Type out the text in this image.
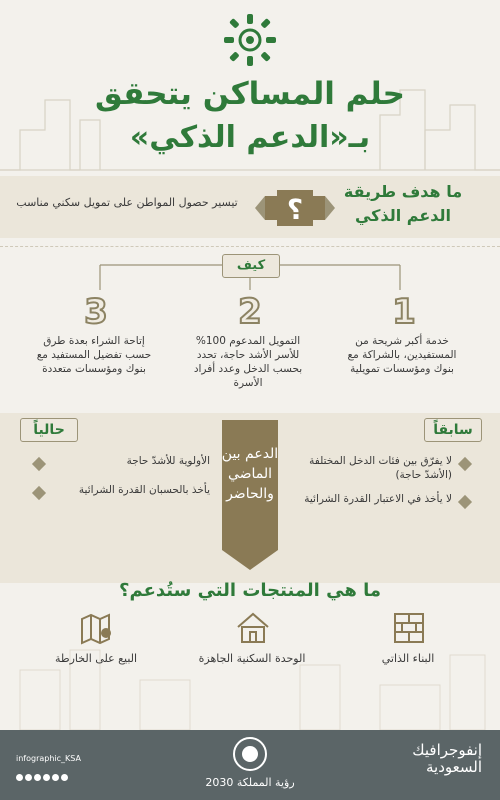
حلم المساكن يتحقق
بـ«الدعم الذكي»
ما هدف طريقة الدعم الذكي
؟
تيسير حصول المواطن على تمويل سكني مناسب
كيف
1
2
3
خدمة أكبر شريحة من المستفيدين، بالشراكة مع بنوك ومؤسسات تمويلية
التمويل المدعوم 100% للأسر الأشد حاجة، تحدد بحسب الدخل وعدد أفراد الأسرة
إتاحة الشراء بعدة طرق حسب تفضيل المستفيد مع بنوك ومؤسسات متعددة
الدعم بين الماضي والحاضر
سابقاً
حالياً
لا يفرّق بين فئات الدخل المختلفة (الأشدّ حاجة)
لا يأخذ في الاعتبار القدرة الشرائية
الأولوية للأشدّ حاجة
يأخذ بالحسبان القدرة الشرائية
ما هي المنتجات التي ستُدعم؟
البناء الذاتي
الوحدة السكنية الجاهزة
البيع على الخارطة
إنفوجرافيك السعودية
infographic_KSA
رؤية المملكة 2030
